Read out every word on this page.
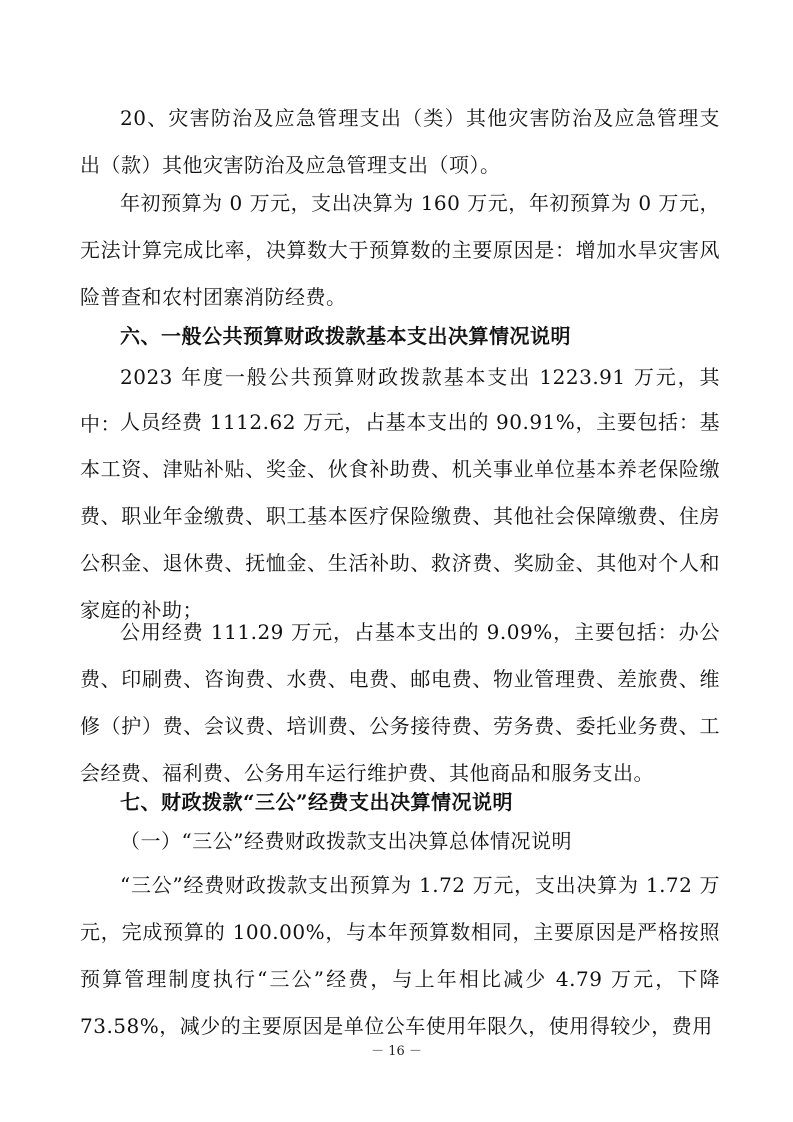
20、灾害防治及应急管理支出（类）其他灾害防治及应急管理支出（款）其他灾害防治及应急管理支出（项）。

年初预算为 0 万元，支出决算为 160 万元，年初预算为 0 万元，无法计算完成比率，决算数大于预算数的主要原因是：增加水旱灾害风险普查和农村团寨消防经费。

六、一般公共预算财政拨款基本支出决算情况说明

2023 年度一般公共预算财政拨款基本支出 1223.91 万元，其中： 人员经费 1112.62 万元，占基本支出的 90.91%，主要包括：基本工资、津贴补贴、奖金、伙食补助费、机关事业单位基本养老保险缴费、职业年金缴费、职工基本医疗保险缴费、其他社会保障缴费、住房公积金、退休费、抚恤金、生活补助、救济费、奖励金、其他对个人和家庭的补助；

公用经费 111.29 万元，占基本支出的 9.09%，主要包括：办公费、印刷费、咨询费、水费、电费、邮电费、物业管理费、差旅费、维修（护）费、会议费、培训费、公务接待费、劳务费、委托业务费、工会经费、福利费、公务用车运行维护费、其他商品和服务支出。

七、财政拨款“三公”经费支出决算情况说明

（一）“三公”经费财政拨款支出决算总体情况说明

“三公”经费财政拨款支出预算为 1.72 万元，支出决算为 1.72 万元，完成预算的 100.00%，与本年预算数相同，主要原因是严格按照预算管理制度执行“三公”经费，与上年相比减少 4.79 万元，下降 73.58%，减少的主要原因是单位公车使用年限久，使用得较少，费用

－ 16 －
